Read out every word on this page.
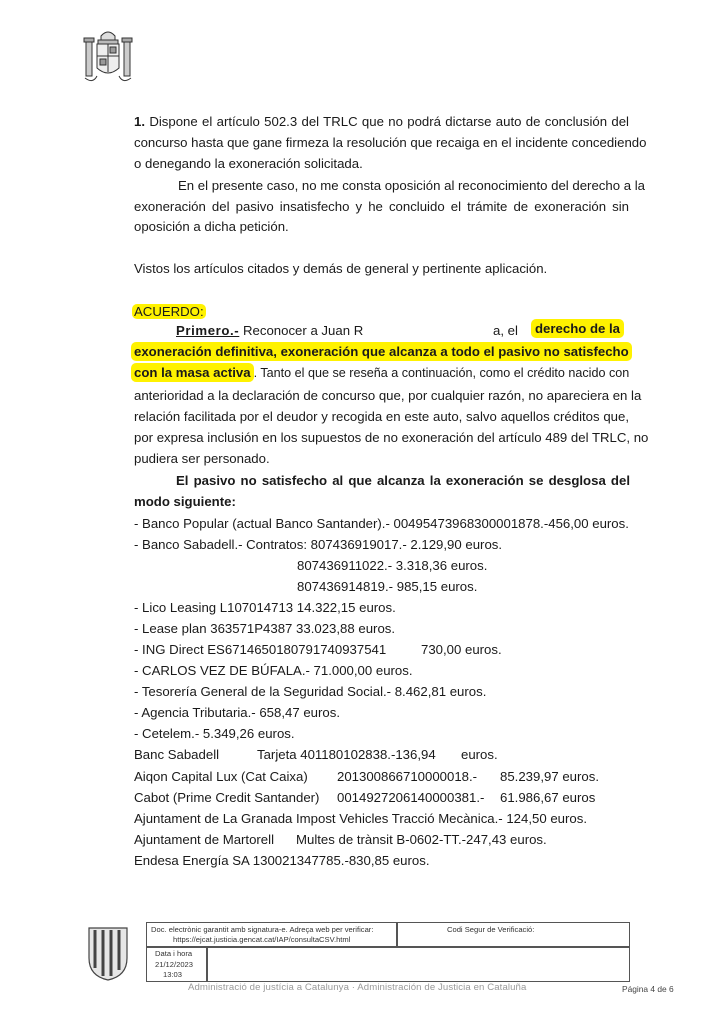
1. Dispone el artículo 502.3 del TRLC que no podrá dictarse auto de conclusión del
concurso hasta que gane firmeza la resolución que recaiga en el incidente concediendo
o denegando la exoneración solicitada.
En el presente caso, no me consta oposición al reconocimiento del derecho a la
exoneración del pasivo insatisfecho y he concluido el trámite de exoneración sin
oposición a dicha petición.
Vistos los artículos citados y demás de general y pertinente aplicación.
ACUERDO:
Primero.- Reconocer a Juan R	a, el	derecho de la
exoneración definitiva, exoneración que alcanza a todo el pasivo no satisfecho
con la masa activa . Tanto el que se reseña a continuación, como el crédito nacido con
anterioridad a la declaración de concurso que, por cualquier razón, no apareciera en la
relación facilitada por el deudor y recogida en este auto, salvo aquellos créditos que,
por expresa inclusión en los supuestos de no exoneración del artículo 489 del TRLC, no
pudiera ser personado.
El pasivo no satisfecho al que alcanza la exoneración se desglosa del
modo siguiente:
- Banco Popular (actual Banco Santander).- 00495473968300001878.-456,00 euros.
- Banco Sabadell.- Contratos: 807436919017.- 2.129,90 euros.
807436911022.- 3.318,36 euros.
807436914819.- 985,15 euros.
- Lico Leasing L107014713 14.322,15 euros.
- Lease plan 363571P4387 33.023,88 euros.
- ING Direct ES6714650180791740937541	730,00 euros.
- CARLOS VEZ DE BÚFALA.- 71.000,00 euros.
- Tesorería General de la Seguridad Social.- 8.462,81 euros.
- Agencia Tributaria.- 658,47 euros.
- Cetelem.- 5.349,26 euros.
Banc Sabadell	Tarjeta 401180102838.-136,94 euros.
Aiqon Capital Lux (Cat Caixa) 201300866710000018.- 85.239,97 euros.
Cabot (Prime Credit Santander) 0014927206140000381.- 61.986,67 euros
Ajuntament de La Granada Impost Vehicles Tracció Mecànica.- 124,50 euros.
Ajuntament de Martorell Multes de trànsit B-0602-TT.-247,43 euros.
Endesa Energía SA 130021347785.-830,85 euros.
Doc. electrònic garantit amb signatura-e. Adreça web per verificar:
https://ejcat.justicia.gencat.cat/IAP/consultaCSV.html
Codi Segur de Verificació:
Data i hora
21/12/2023
13:03
Administració de justícia a Catalunya · Administración de Justicia en Cataluña	Página 4 de 6
